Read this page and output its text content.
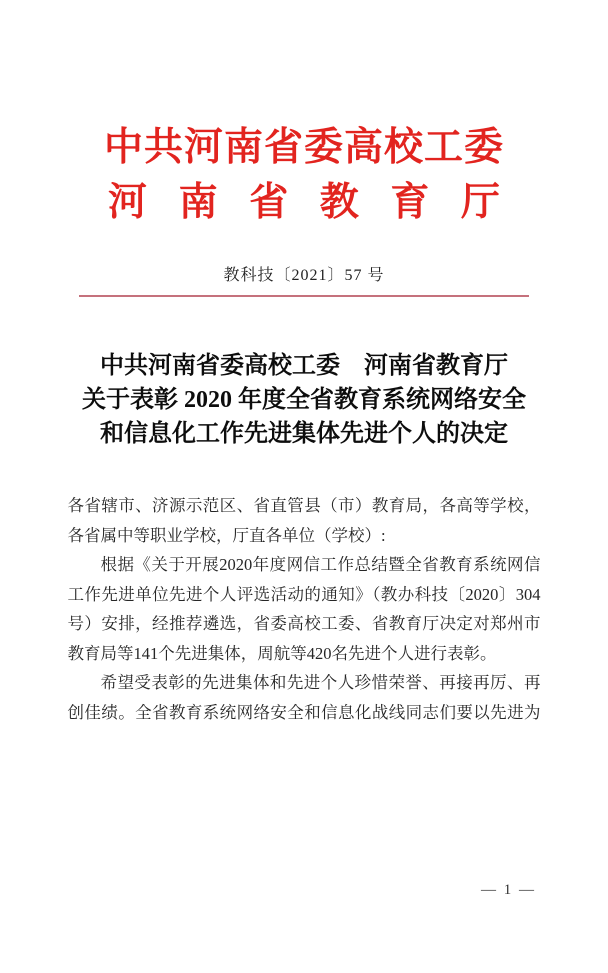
中共河南省委高校工委
河南省教育厅
教科技〔2021〕57 号
中共河南省委高校工委　河南省教育厅
关于表彰 2020 年度全省教育系统网络安全
和信息化工作先进集体先进个人的决定
各省辖市、济源示范区、省直管县（市）教育局，各高等学校，
各省属中等职业学校，厅直各单位（学校）:
根据《关于开展2020年度网信工作总结暨全省教育系统网信
工作先进单位先进个人评选活动的通知》（教办科技〔2020〕304
号）安排，经推荐遴选，省委高校工委、省教育厅决定对郑州市
教育局等141个先进集体，周航等420名先进个人进行表彰。
希望受表彰的先进集体和先进个人珍惜荣誉、再接再厉、再
创佳绩。全省教育系统网络安全和信息化战线同志们要以先进为
— 1 —
